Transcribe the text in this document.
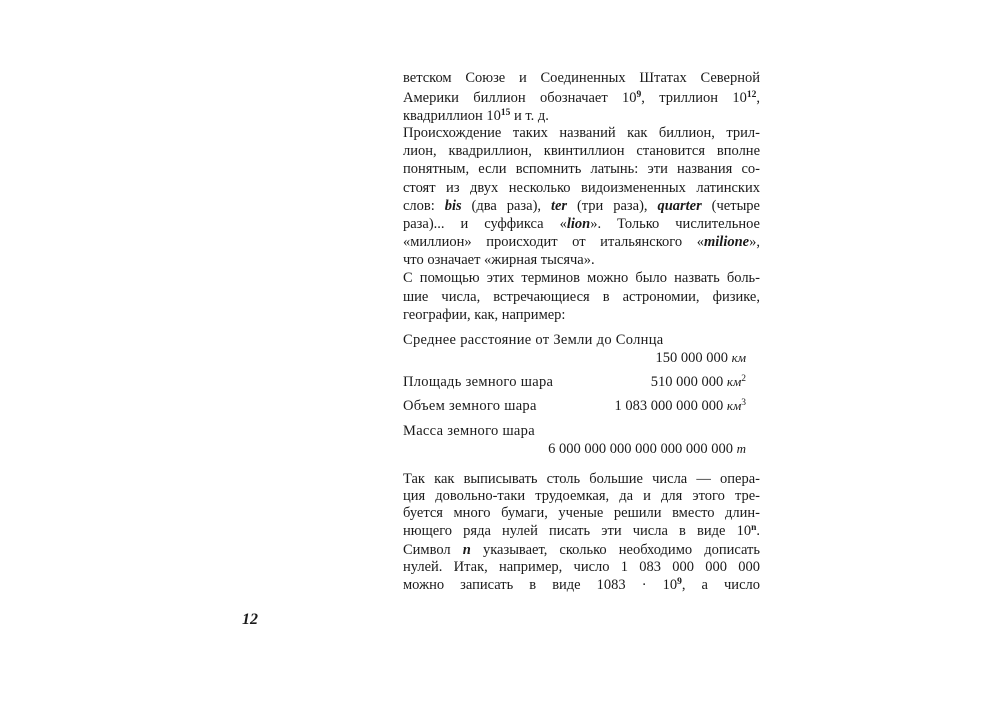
ветском Союзе и Соединенных Штатах Северной
Америки биллион обозначает $10^9$, триллион $10^{12}$,
квадриллион $10^{15}$ и т. д.
Происхождение таких названий как биллион, трил-
лион, квадриллион, квинтиллион становится вполне
понятным, если вспомнить латынь: эти названия со-
стоят из двух несколько видоизмененных латинских
слов: bis (два раза), ter (три раза), quarter (четыре
раза)... и суффикса «lion». Только числительное
«миллион» происходит от итальянского «milione»,
что означает «жирная тысяча».
С помощью этих терминов можно было назвать боль-
шие числа, встречающиеся в астрономии, физике,
географии, как, например:
150 000 000 км
Среднее расстояние от Земли до Солнца
Площадь земного шара	510 000 000 $км^2$
Объем земного шара	1 083 000 000 000 $км^3$
6 000 000 000 000 000 000 000 т
Масса земного шара
Так как выписывать столь большие числа — опера-
ция довольно-таки трудоемкая, да и для этого тре-
буется много бумаги, ученые решили вместо длин-
нющего ряда нулей писать эти числа в виде 10$^n$.
Символ n указывает, сколько необходимо дописать
нулей. Итак, например, число 1 083 000 000 000
можно записать в виде $1083 \cdot 10^9$, а число
12
